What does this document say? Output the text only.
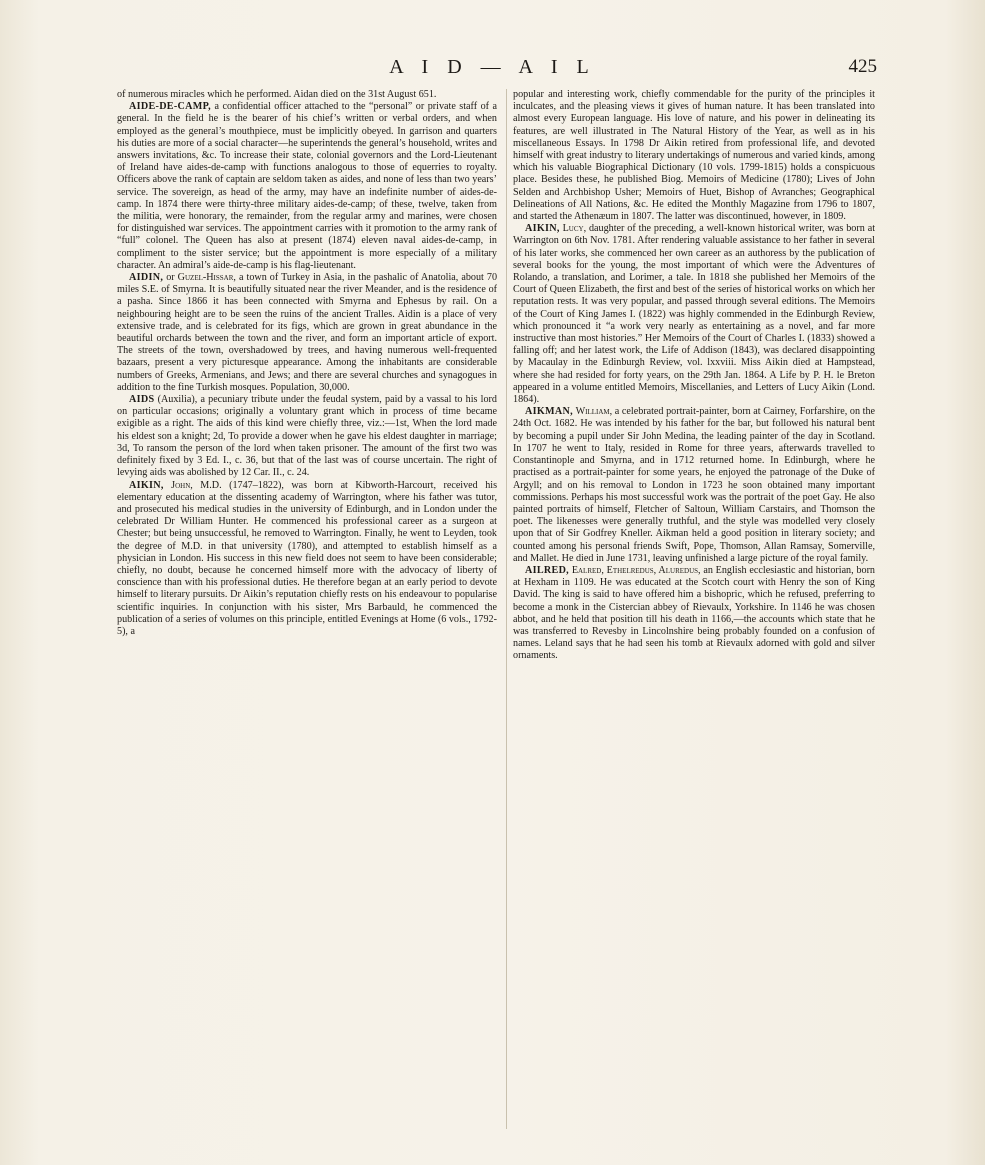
A I D — A I L	425

of numerous miracles which he performed. Aidan died on the 31st August 651.

AIDE-DE-CAMP, a confidential officer attached to the “personal” or private staff of a general. In the field he is the bearer of his chief’s written or verbal orders, and when employed as the general’s mouthpiece, must be implicitly obeyed. In garrison and quarters his duties are more of a social character—he superintends the general’s household, writes and answers invitations, &c. To increase their state, colonial governors and the Lord-Lieutenant of Ireland have aides-de-camp with functions analogous to those of equerries to royalty. Officers above the rank of captain are seldom taken as aides, and none of less than two years’ service. The sovereign, as head of the army, may have an indefinite number of aides-de-camp. In 1874 there were thirty-three military aides-de-camp; of these, twelve, taken from the militia, were honorary, the remainder, from the regular army and marines, were chosen for distinguished war services. The appointment carries with it promotion to the army rank of “full” colonel. The Queen has also at present (1874) eleven naval aides-de-camp, in compliment to the sister service; but the appointment is more especially of a military character. An admiral’s aide-de-camp is his flag-lieutenant.

AIDIN, or Guzel-Hissar, a town of Turkey in Asia, in the pashalic of Anatolia, about 70 miles S.E. of Smyrna. It is beautifully situated near the river Meander, and is the residence of a pasha. Since 1866 it has been connected with Smyrna and Ephesus by rail. On a neighbouring height are to be seen the ruins of the ancient Tralles. Aidin is a place of very extensive trade, and is celebrated for its figs, which are grown in great abundance in the beautiful orchards between the town and the river, and form an important article of export. The streets of the town, overshadowed by trees, and having numerous well-frequented bazaars, present a very picturesque appearance. Among the inhabitants are considerable numbers of Greeks, Armenians, and Jews; and there are several churches and synagogues in addition to the fine Turkish mosques. Population, 30,000.

AIDS (Auxilia), a pecuniary tribute under the feudal system, paid by a vassal to his lord on particular occasions; originally a voluntary grant which in process of time became exigible as a right. The aids of this kind were chiefly three, viz.:—1st, When the lord made his eldest son a knight; 2d, To provide a dower when he gave his eldest daughter in marriage; 3d, To ransom the person of the lord when taken prisoner. The amount of the first two was definitely fixed by 3 Ed. I., c. 36, but that of the last was of course uncertain. The right of levying aids was abolished by 12 Car. II., c. 24.

AIKIN, John, M.D. (1747–1822), was born at Kibworth-Harcourt, received his elementary education at the dissenting academy of Warrington, where his father was tutor, and prosecuted his medical studies in the university of Edinburgh, and in London under the celebrated Dr William Hunter. He commenced his professional career as a surgeon at Chester; but being unsuccessful, he removed to Warrington. Finally, he went to Leyden, took the degree of M.D. in that university (1780), and attempted to establish himself as a physician in London. His success in this new field does not seem to have been considerable; chiefly, no doubt, because he concerned himself more with the advocacy of liberty of conscience than with his professional duties. He therefore began at an early period to devote himself to literary pursuits. Dr Aikin’s reputation chiefly rests on his endeavour to popularise scientific inquiries. In conjunction with his sister, Mrs Barbauld, he commenced the publication of a series of volumes on this principle, entitled Evenings at Home (6 vols., 1792-5), a

popular and interesting work, chiefly commendable for the purity of the principles it inculcates, and the pleasing views it gives of human nature. It has been translated into almost every European language. His love of nature, and his power in delineating its features, are well illustrated in The Natural History of the Year, as well as in his miscellaneous Essays. In 1798 Dr Aikin retired from professional life, and devoted himself with great industry to literary undertakings of numerous and varied kinds, among which his valuable Biographical Dictionary (10 vols. 1799-1815) holds a conspicuous place. Besides these, he published Biog. Memoirs of Medicine (1780); Lives of John Selden and Archbishop Usher; Memoirs of Huet, Bishop of Avranches; Geographical Delineations of All Nations, &c. He edited the Monthly Magazine from 1796 to 1807, and started the Athenæum in 1807. The latter was discontinued, however, in 1809.

AIKIN, Lucy, daughter of the preceding, a well-known historical writer, was born at Warrington on 6th Nov. 1781. After rendering valuable assistance to her father in several of his later works, she commenced her own career as an authoress by the publication of several books for the young, the most important of which were the Adventures of Rolando, a translation, and Lorimer, a tale. In 1818 she published her Memoirs of the Court of Queen Elizabeth, the first and best of the series of historical works on which her reputation rests. It was very popular, and passed through several editions. The Memoirs of the Court of King James I. (1822) was highly commended in the Edinburgh Review, which pronounced it “a work very nearly as entertaining as a novel, and far more instructive than most histories.” Her Memoirs of the Court of Charles I. (1833) showed a falling off; and her latest work, the Life of Addison (1843), was declared disappointing by Macaulay in the Edinburgh Review, vol. lxxviii. Miss Aikin died at Hampstead, where she had resided for forty years, on the 29th Jan. 1864. A Life by P. H. le Breton appeared in a volume entitled Memoirs, Miscellanies, and Letters of Lucy Aikin (Lond. 1864).

AIKMAN, William, a celebrated portrait-painter, born at Cairney, Forfarshire, on the 24th Oct. 1682. He was intended by his father for the bar, but followed his natural bent by becoming a pupil under Sir John Medina, the leading painter of the day in Scotland. In 1707 he went to Italy, resided in Rome for three years, afterwards travelled to Constantinople and Smyrna, and in 1712 returned home. In Edinburgh, where he practised as a portrait-painter for some years, he enjoyed the patronage of the Duke of Argyll; and on his removal to London in 1723 he soon obtained many important commissions. Perhaps his most successful work was the portrait of the poet Gay. He also painted portraits of himself, Fletcher of Saltoun, William Carstairs, and Thomson the poet. The likenesses were generally truthful, and the style was modelled very closely upon that of Sir Godfrey Kneller. Aikman held a good position in literary society; and counted among his personal friends Swift, Pope, Thomson, Allan Ramsay, Somerville, and Mallet. He died in June 1731, leaving unfinished a large picture of the royal family.

AILRED, Ealred, Ethelredus, Aluredus, an English ecclesiastic and historian, born at Hexham in 1109. He was educated at the Scotch court with Henry the son of King David. The king is said to have offered him a bishopric, which he refused, preferring to become a monk in the Cistercian abbey of Rievaulx, Yorkshire. In 1146 he was chosen abbot, and he held that position till his death in 1166,—the accounts which state that he was transferred to Revesby in Lincolnshire being probably founded on a confusion of names. Leland says that he had seen his tomb at Rievaulx adorned with gold and silver ornaments.
